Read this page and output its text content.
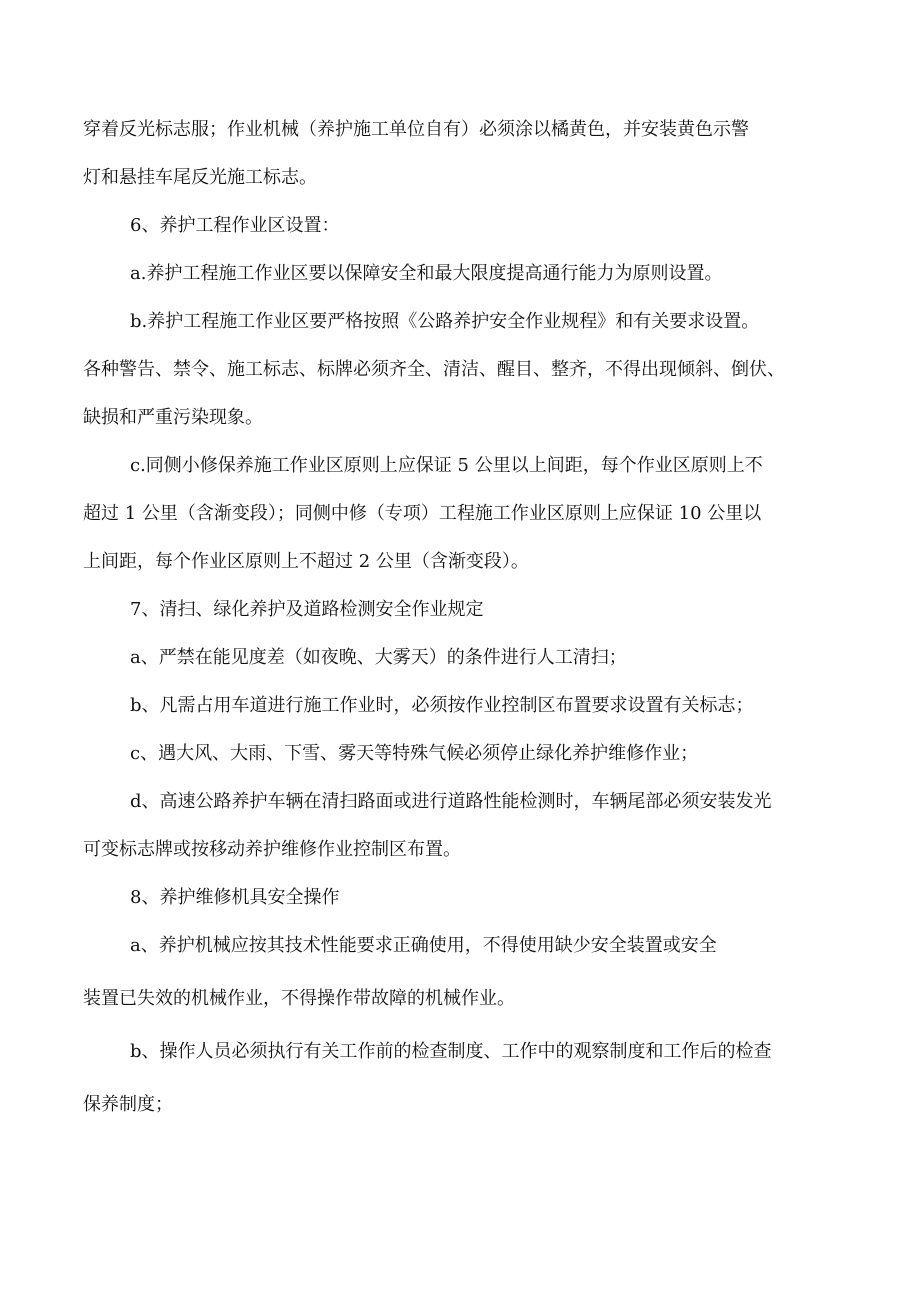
穿着反光标志服；作业机械（养护施工单位自有）必须涂以橘黄色，并安装黄色示警
灯和悬挂车尾反光施工标志。
6、养护工程作业区设置：
a.养护工程施工作业区要以保障安全和最大限度提高通行能力为原则设置。
b.养护工程施工作业区要严格按照《公路养护安全作业规程》和有关要求设置。
各种警告、禁令、施工标志、标牌必须齐全、清洁、醒目、整齐，不得出现倾斜、倒伏、
缺损和严重污染现象。
c.同侧小修保养施工作业区原则上应保证 5 公里以上间距，每个作业区原则上不
超过 1 公里（含渐变段）；同侧中修（专项）工程施工作业区原则上应保证 10 公里以
上间距，每个作业区原则上不超过 2 公里（含渐变段）。
7、清扫、绿化养护及道路检测安全作业规定
a、严禁在能见度差（如夜晚、大雾天）的条件进行人工清扫；
b、凡需占用车道进行施工作业时，必须按作业控制区布置要求设置有关标志；
c、遇大风、大雨、下雪、雾天等特殊气候必须停止绿化养护维修作业；
d、高速公路养护车辆在清扫路面或进行道路性能检测时，车辆尾部必须安装发光
可变标志牌或按移动养护维修作业控制区布置。
8、养护维修机具安全操作
a、养护机械应按其技术性能要求正确使用，不得使用缺少安全装置或安全
装置已失效的机械作业，不得操作带故障的机械作业。
b、操作人员必须执行有关工作前的检查制度、工作中的观察制度和工作后的检查
保养制度；
